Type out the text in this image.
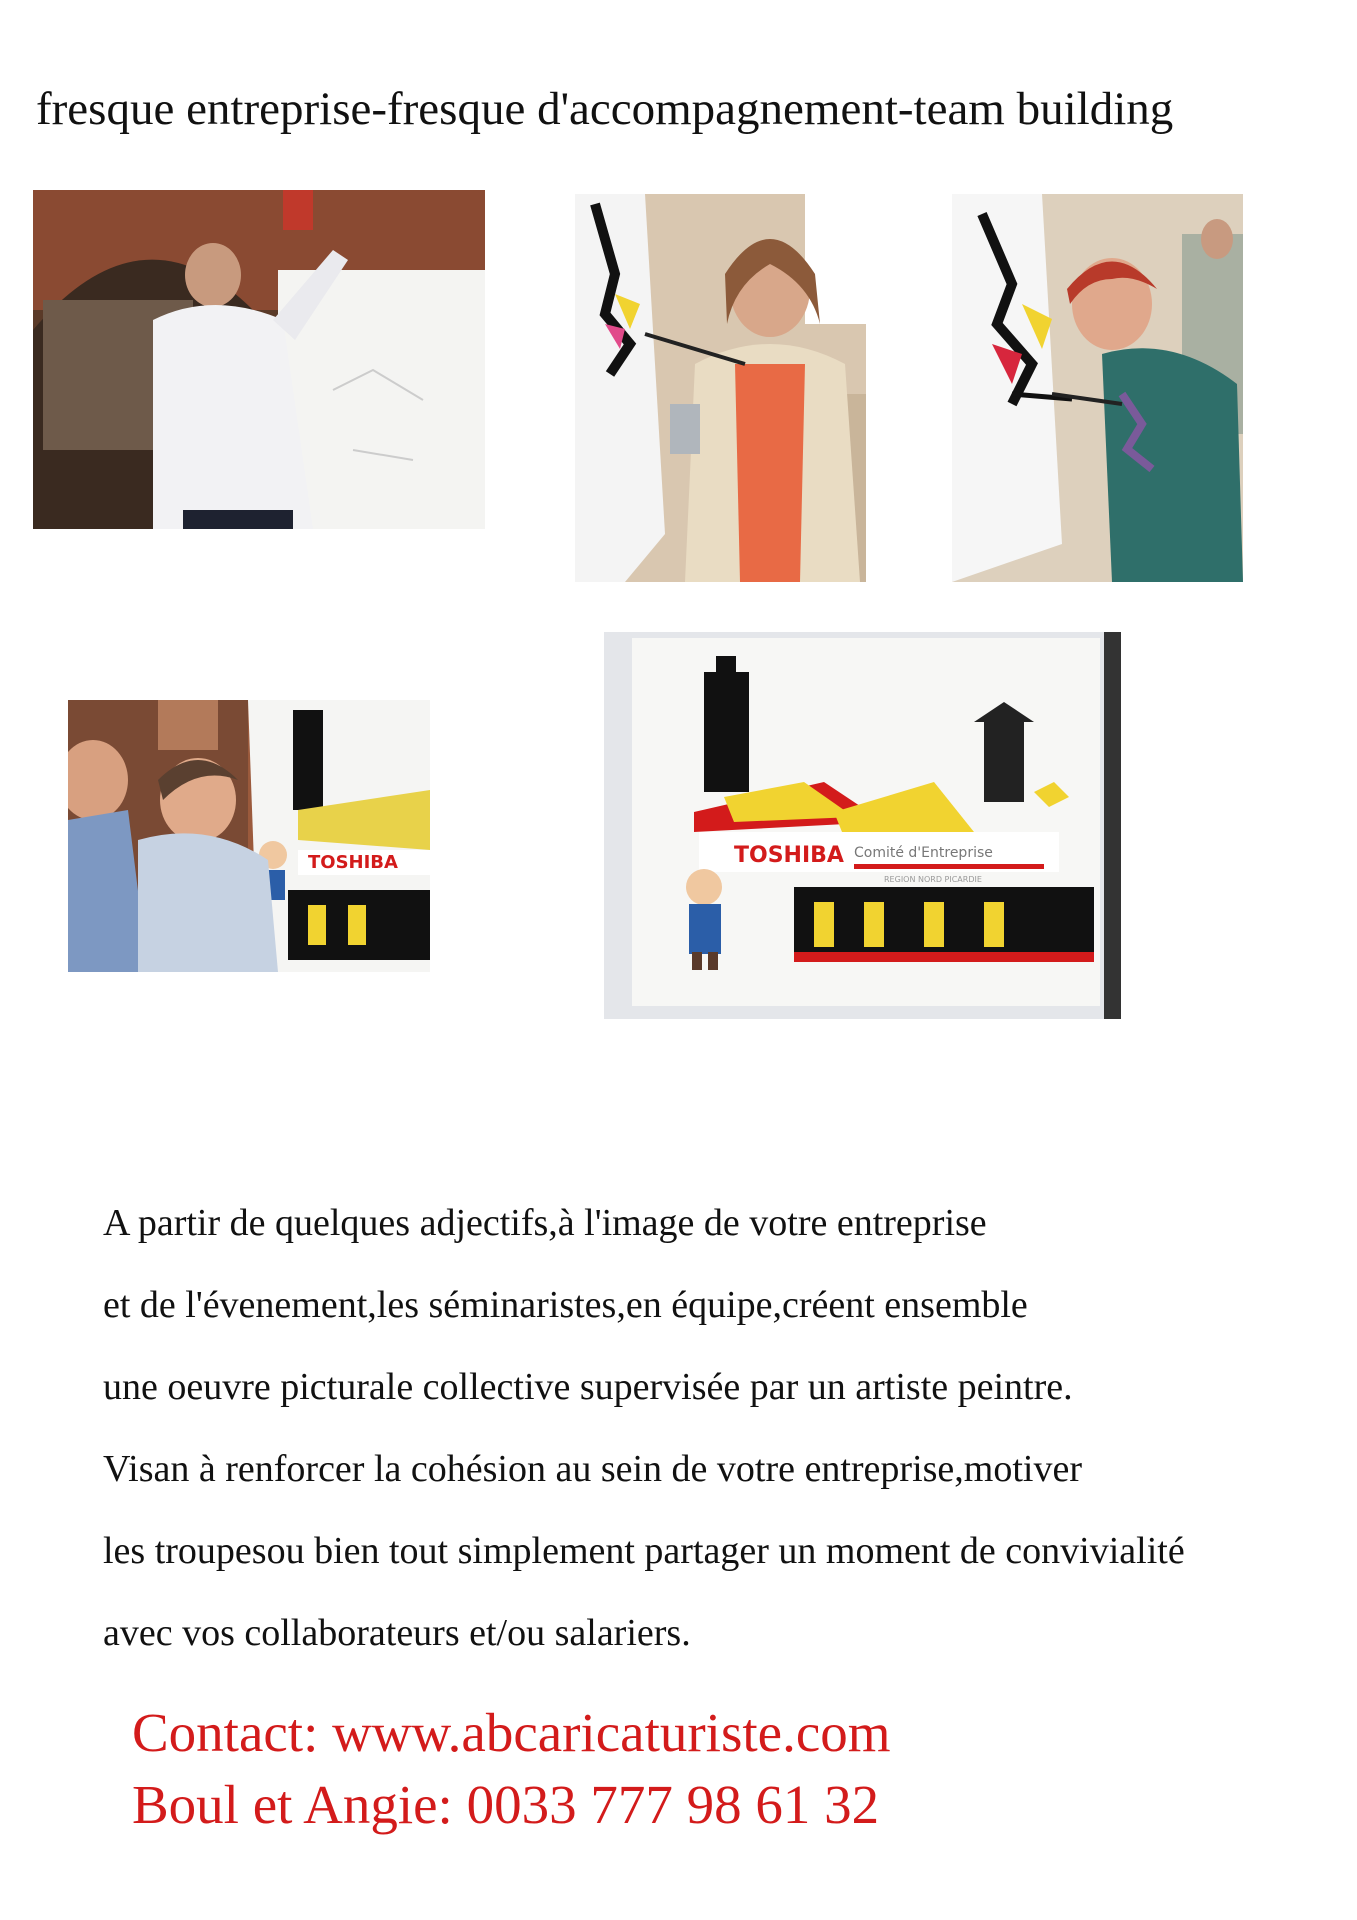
fresque entreprise-fresque d'accompagnement-team building
TOSHIBA	TOSHIBA Comité d'Entreprise
REGION NORD PICARDIE
A partir de quelques adjectifs,à l'image de votre entreprise
et de l'évenement,les séminaristes,en équipe,créent ensemble
une oeuvre picturale collective supervisée par un artiste peintre.
Visan à renforcer la cohésion au sein de votre entreprise,motiver
les troupesou bien tout simplement partager un moment de convivialité
avec vos collaborateurs et/ou salariers.
Contact: www.abcaricaturiste.com
Boul et Angie: 0033 777 98 61 32
